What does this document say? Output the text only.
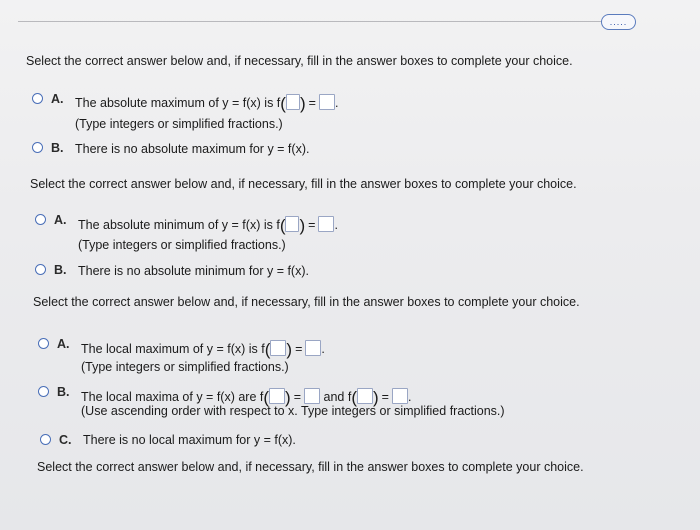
.....
Select the correct answer below and, if necessary, fill in the answer boxes to complete your choice.
A. The absolute maximum of y = f(x) is f( ) = .
(Type integers or simplified fractions.)
B. There is no absolute maximum for y = f(x).
Select the correct answer below and, if necessary, fill in the answer boxes to complete your choice.
A. The absolute minimum of y = f(x) is f( ) = .
(Type integers or simplified fractions.)
B. There is no absolute minimum for y = f(x).
Select the correct answer below and, if necessary, fill in the answer boxes to complete your choice.
A. The local maximum of y = f(x) is f( ) = .
(Type integers or simplified fractions.)
B. The local maxima of y = f(x) are f( ) = and f( ) = .
(Use ascending order with respect to x. Type integers or simplified fractions.)
C. There is no local maximum for y = f(x).
Select the correct answer below and, if necessary, fill in the answer boxes to complete your choice.
